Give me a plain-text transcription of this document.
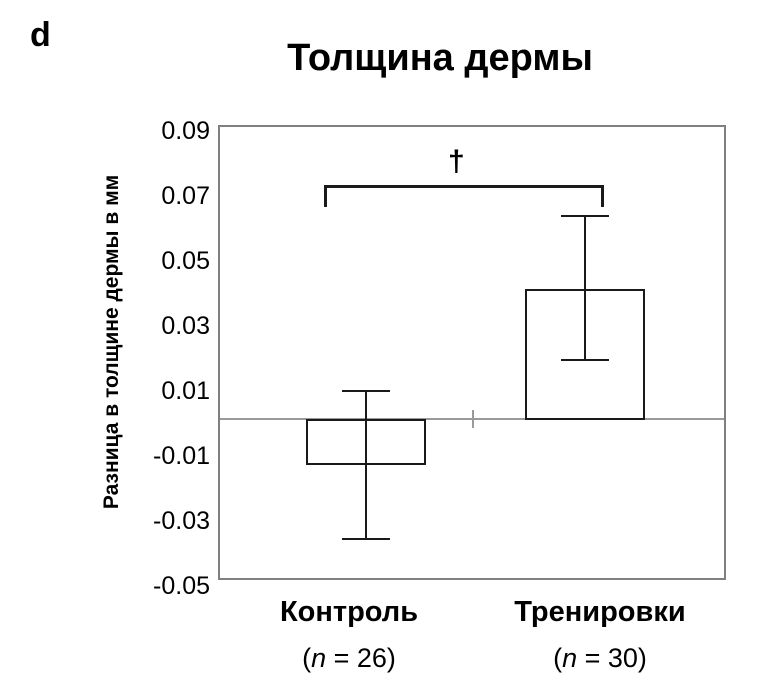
d
Толщина дермы
Разница в толщине дермы в мм
0.09
0.07
0.05
0.03
0.01
-0.01
-0.03
-0.05
†
Контроль
(n = 26)
Тренировки
(n = 30)
